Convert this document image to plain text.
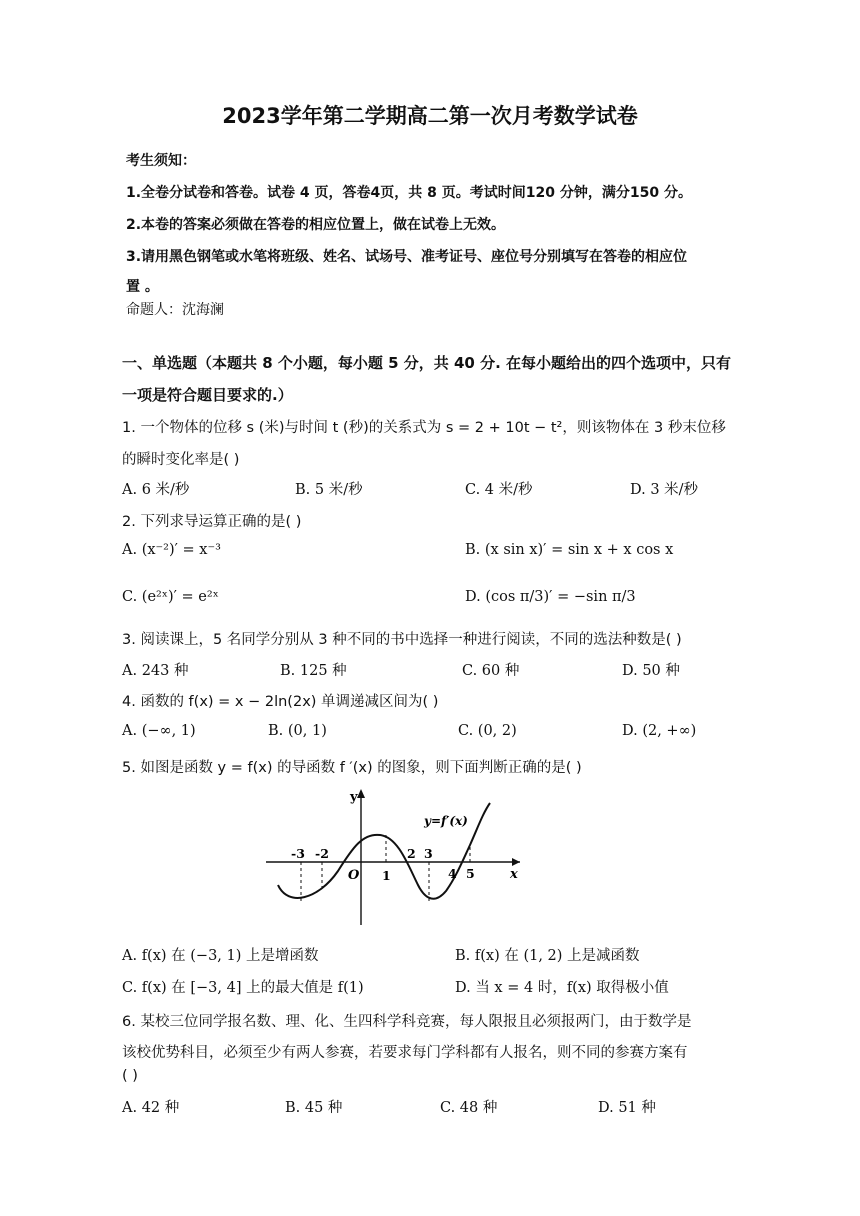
2023学年第二学期高二第一次月考数学试卷
考生须知：
1.全卷分试卷和答卷。试卷 4 页，答卷4页，共 8 页。考试时间120 分钟，满分150 分。
2.本卷的答案必须做在答卷的相应位置上，做在试卷上无效。
3.请用黑色钢笔或水笔将班级、姓名、试场号、准考证号、座位号分别填写在答卷的相应位
置 。
命题人：沈海澜
一、单选题（本题共 8 个小题，每小题 5 分，共 40 分. 在每小题给出的四个选项中，只有
一项是符合题目要求的.）
1. 一个物体的位移 s (米)与时间 t (秒)的关系式为 s = 2 + 10t − t²，则该物体在 3 秒末位移
的瞬时变化率是( )
A. 6 米/秒	B. 5 米/秒	C. 4 米/秒	D. 3 米/秒
2. 下列求导运算正确的是( )
A. (x⁻²)′ = x⁻³	B. (x sin x)′ = sin x + x cos x
C. (e²ˣ)′ = e²ˣ	D. (cos π/3)′ = −sin π/3
3. 阅读课上，5 名同学分别从 3 种不同的书中选择一种进行阅读，不同的选法种数是( )
A. 243 种	B. 125 种	C. 60 种	D. 50 种
4. 函数的 f(x) = x − 2ln(2x) 单调递减区间为( )
A. (−∞, 1)	B. (0, 1)	C. (0, 2)	D. (2, +∞)
5. 如图是函数 y = f(x) 的导函数 f ′(x) 的图象，则下面判断正确的是( )
y
x
O
-3 -2
1
2 3
4 5
y=f′(x)
A. f(x) 在 (−3, 1) 上是增函数	B. f(x) 在 (1, 2) 上是减函数
C. f(x) 在 [−3, 4] 上的最大值是 f(1)	D. 当 x = 4 时，f(x) 取得极小值
6. 某校三位同学报名数、理、化、生四科学科竞赛，每人限报且必须报两门，由于数学是
该校优势科目，必须至少有两人参赛，若要求每门学科都有人报名，则不同的参赛方案有
( )
A. 42 种	B. 45 种	C. 48 种	D. 51 种
